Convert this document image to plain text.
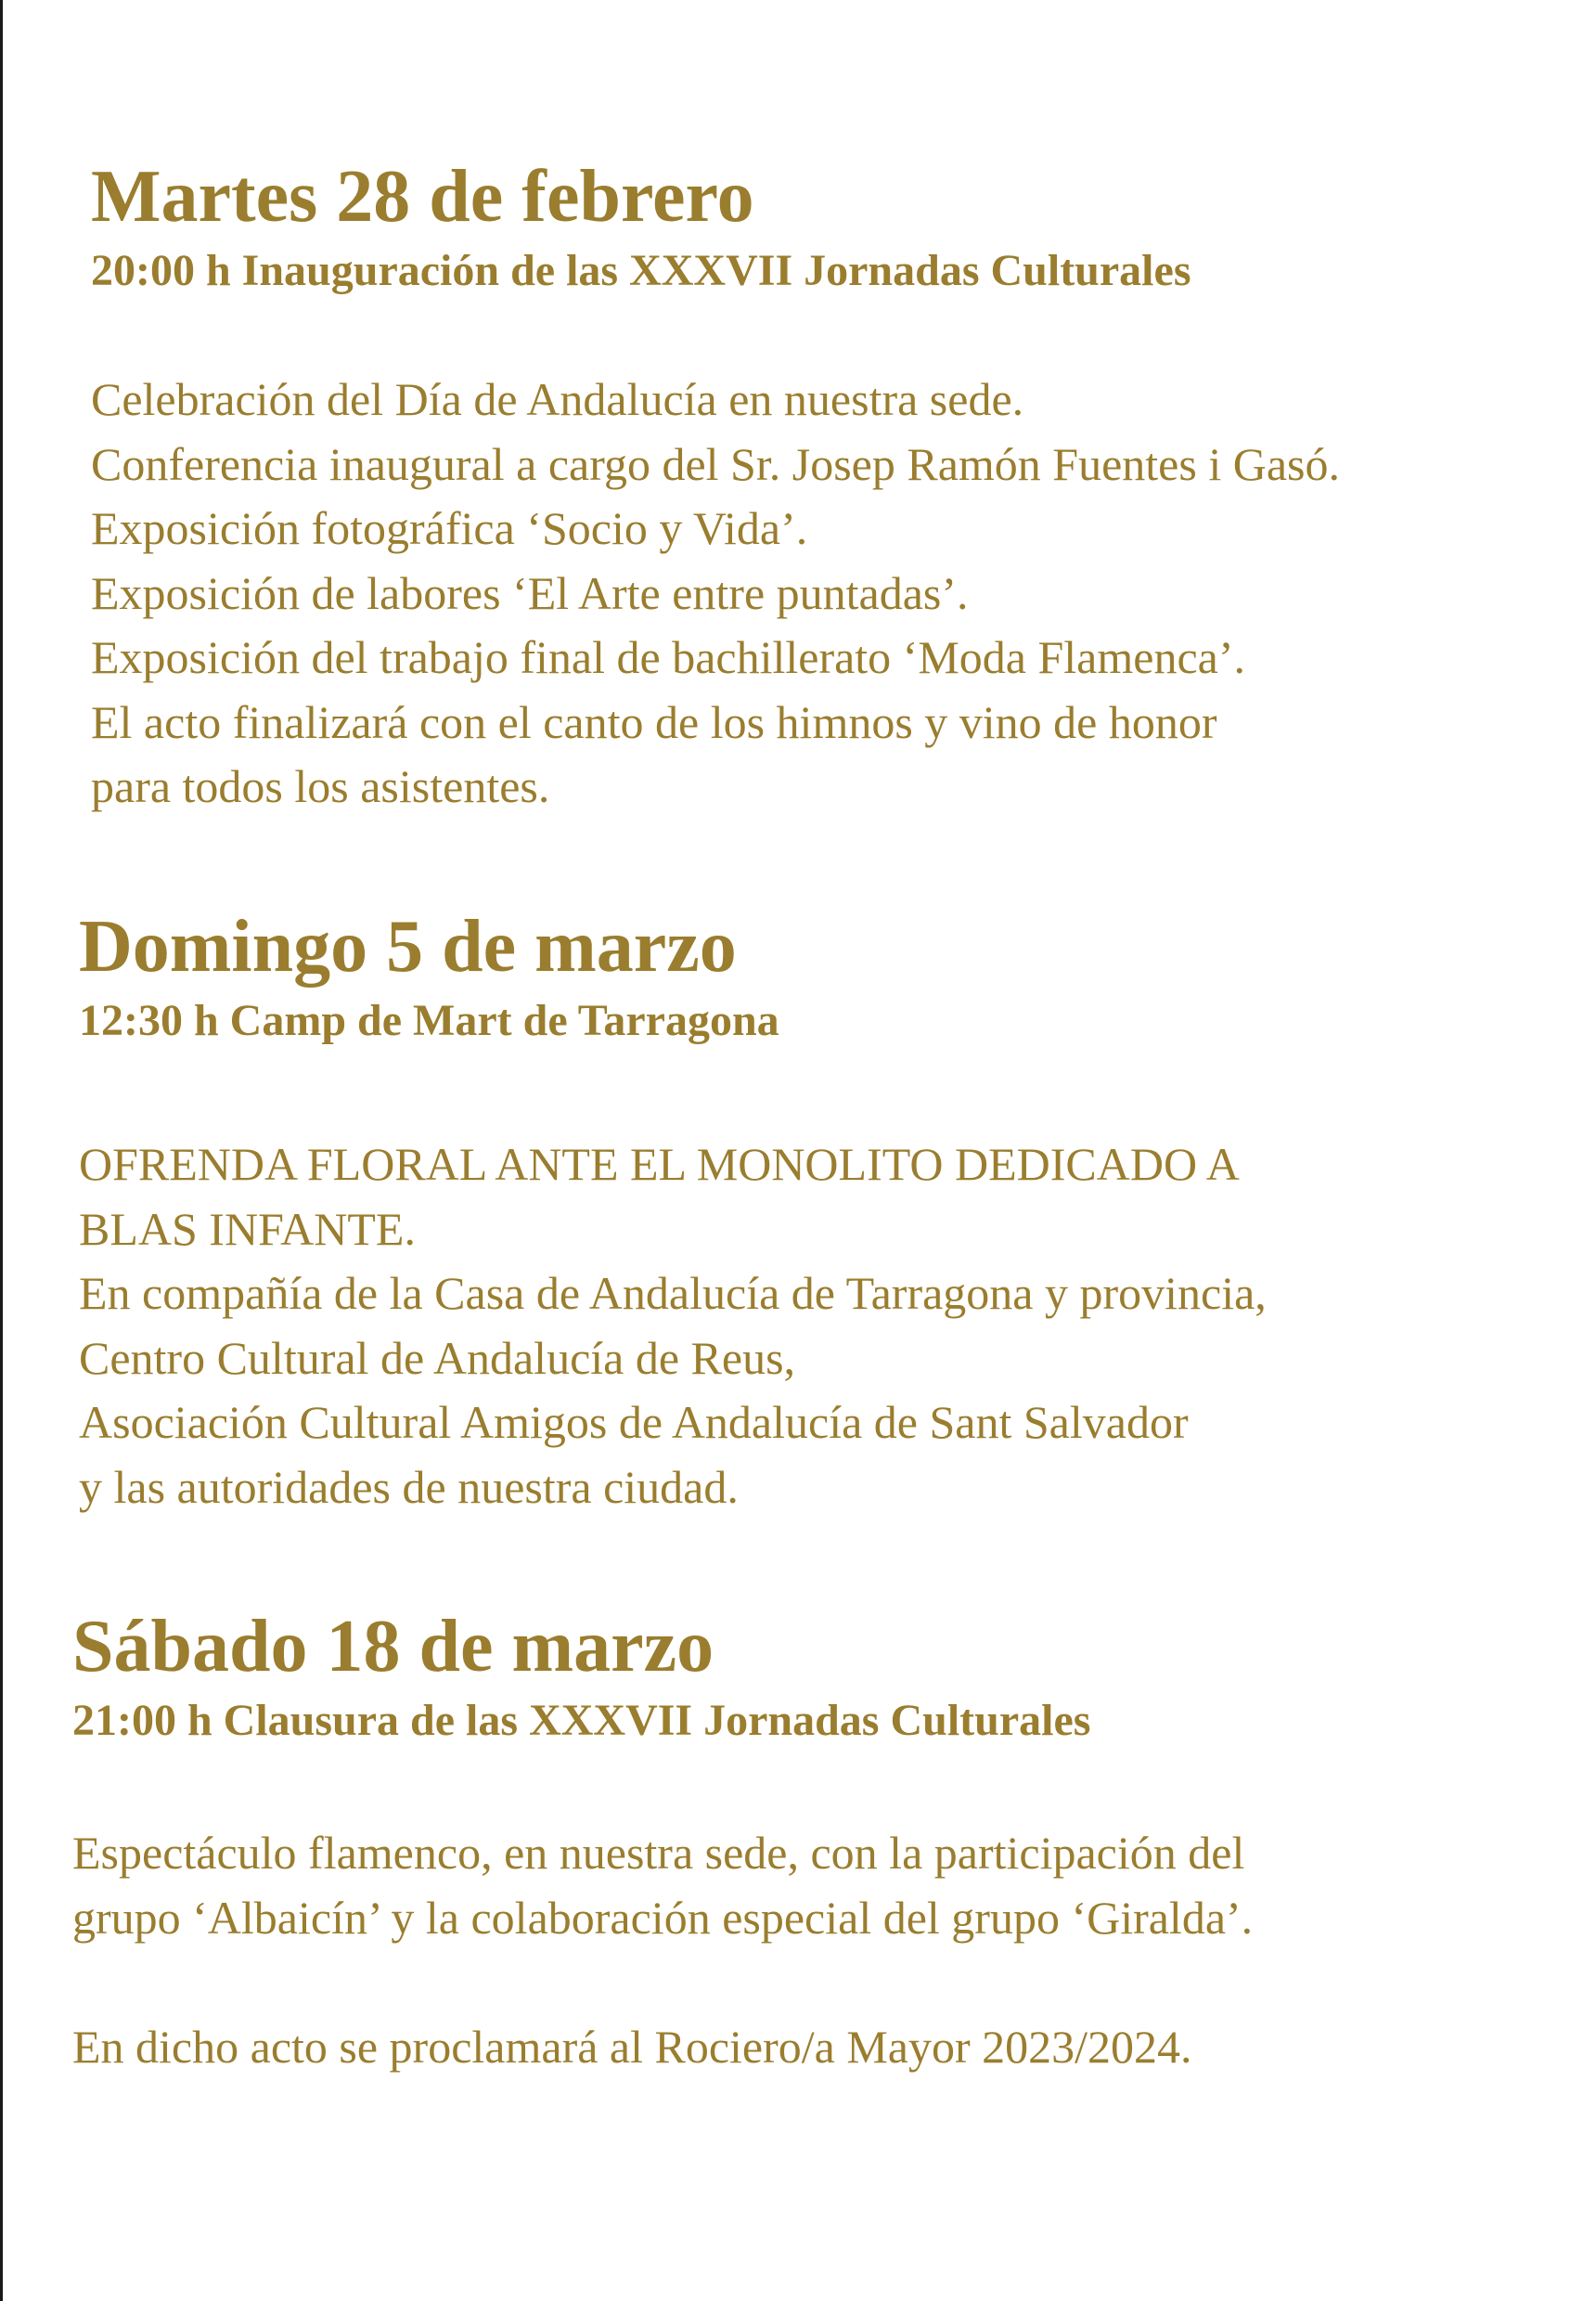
Martes 28 de febrero
20:00 h Inauguración de las XXXVII Jornadas Culturales
Celebración del Día de Andalucía en nuestra sede.
Conferencia inaugural a cargo del Sr. Josep Ramón Fuentes i Gasó.
Exposición fotográfica ‘Socio y Vida’.
Exposición de labores ‘El Arte entre puntadas’.
Exposición del trabajo final de bachillerato ‘Moda Flamenca’.
El acto finalizará con el canto de los himnos y vino de honor
para todos los asistentes.
Domingo 5 de marzo
12:30 h Camp de Mart de Tarragona
OFRENDA FLORAL ANTE EL MONOLITO DEDICADO A
BLAS INFANTE.
En compañía de la Casa de Andalucía de Tarragona y provincia,
Centro Cultural de Andalucía de Reus,
Asociación Cultural Amigos de Andalucía de Sant Salvador
y las autoridades de nuestra ciudad.
Sábado 18 de marzo
21:00 h Clausura de las XXXVII Jornadas Culturales
Espectáculo flamenco, en nuestra sede, con la participación del
grupo ‘Albaicín’ y la colaboración especial del grupo ‘Giralda’.

En dicho acto se proclamará al Rociero/a Mayor 2023/2024.
